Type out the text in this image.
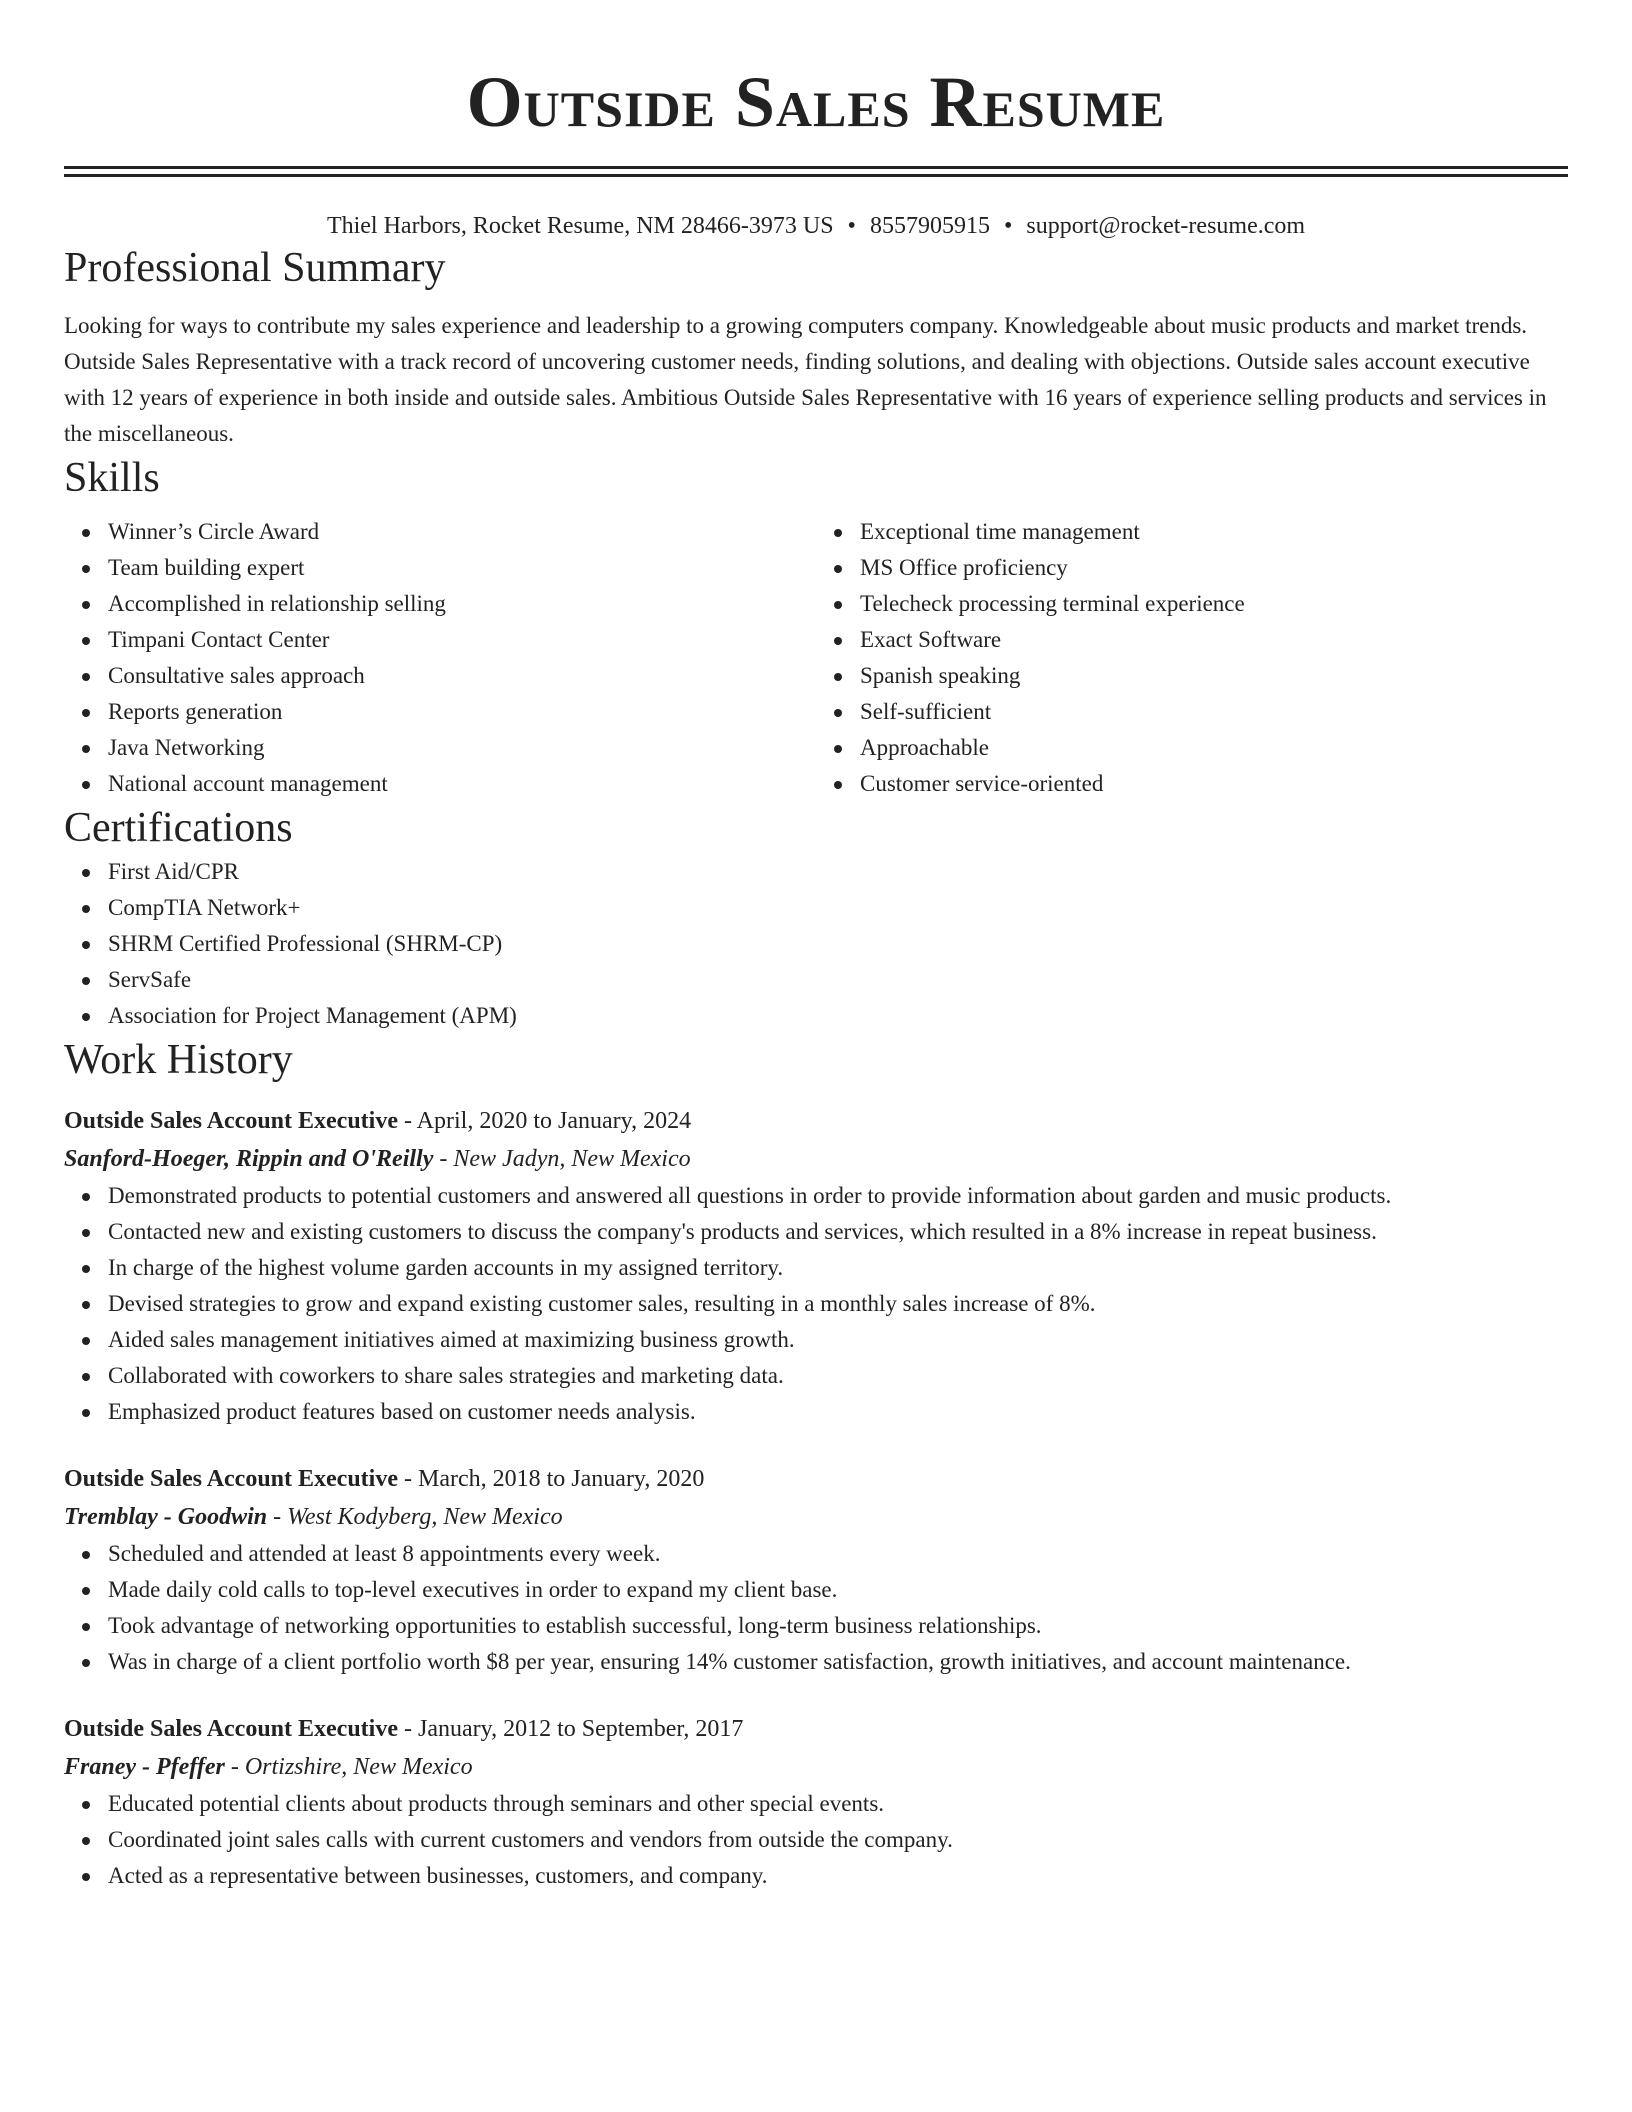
Outside Sales Resume
Thiel Harbors, Rocket Resume, NM 28466-3973 US • 8557905915 • support@rocket-resume.com
Professional Summary

Looking for ways to contribute my sales experience and leadership to a growing computers company. Knowledgeable about music products and market trends. Outside Sales Representative with a track record of uncovering customer needs, finding solutions, and dealing with objections. Outside sales account executive with 12 years of experience in both inside and outside sales. Ambitious Outside Sales Representative with 16 years of experience selling products and services in the miscellaneous.

Skills
Winner’s Circle Award
Team building expert
Accomplished in relationship selling
Timpani Contact Center
Consultative sales approach
Reports generation
Java Networking
National account management
Exceptional time management
MS Office proficiency
Telecheck processing terminal experience
Exact Software
Spanish speaking
Self-sufficient
Approachable
Customer service-oriented
Certifications
First Aid/CPR
CompTIA Network+
SHRM Certified Professional (SHRM-CP)
ServSafe
Association for Project Management (APM)
Work History
Outside Sales Account Executive - April, 2020 to January, 2024
Sanford-Hoeger, Rippin and O'Reilly - New Jadyn, New Mexico
Demonstrated products to potential customers and answered all questions in order to provide information about garden and music products.
Contacted new and existing customers to discuss the company's products and services, which resulted in a 8% increase in repeat business.
In charge of the highest volume garden accounts in my assigned territory.
Devised strategies to grow and expand existing customer sales, resulting in a monthly sales increase of 8%.
Aided sales management initiatives aimed at maximizing business growth.
Collaborated with coworkers to share sales strategies and marketing data.
Emphasized product features based on customer needs analysis.
Outside Sales Account Executive - March, 2018 to January, 2020
Tremblay - Goodwin - West Kodyberg, New Mexico
Scheduled and attended at least 8 appointments every week.
Made daily cold calls to top-level executives in order to expand my client base.
Took advantage of networking opportunities to establish successful, long-term business relationships.
Was in charge of a client portfolio worth $8 per year, ensuring 14% customer satisfaction, growth initiatives, and account maintenance.
Outside Sales Account Executive - January, 2012 to September, 2017
Franey - Pfeffer - Ortizshire, New Mexico
Educated potential clients about products through seminars and other special events.
Coordinated joint sales calls with current customers and vendors from outside the company.
Acted as a representative between businesses, customers, and company.
